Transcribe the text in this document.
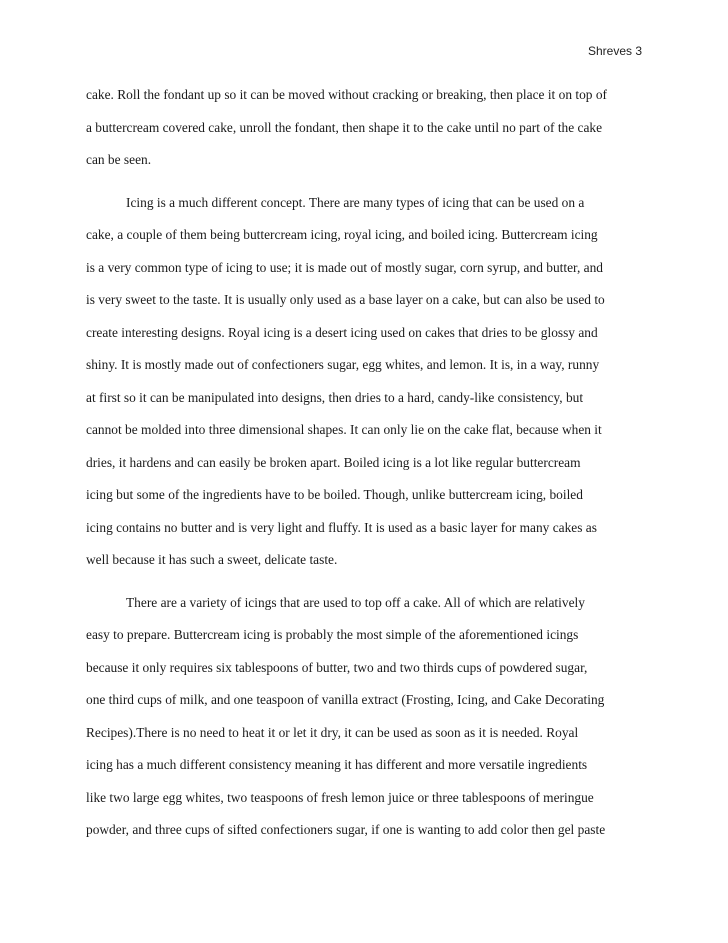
Shreves 3
cake. Roll the fondant up so it can be moved without cracking or breaking, then place it on top of
a buttercream covered cake, unroll the fondant, then shape it to the cake until no part of the cake
can be seen.
Icing is a much different concept. There are many types of icing that can be used on a
cake, a couple of them being buttercream icing, royal icing, and boiled icing. Buttercream icing
is a very common type of icing to use; it is made out of mostly sugar, corn syrup, and butter, and
is very sweet to the taste. It is usually only used as a base layer on a cake, but can also be used to
create interesting designs. Royal icing is a desert icing used on cakes that dries to be glossy and
shiny. It is mostly made out of confectioners sugar, egg whites, and lemon. It is, in a way, runny
at first so it can be manipulated into designs, then dries to a hard, candy-like consistency, but
cannot be molded into three dimensional shapes. It can only lie on the cake flat, because when it
dries, it hardens and can easily be broken apart. Boiled icing is a lot like regular buttercream
icing but some of the ingredients have to be boiled. Though, unlike buttercream icing, boiled
icing contains no butter and is very light and fluffy. It is used as a basic layer for many cakes as
well because it has such a sweet, delicate taste.
There are a variety of icings that are used to top off a cake. All of which are relatively
easy to prepare. Buttercream icing is probably the most simple of the aforementioned icings
because it only requires six tablespoons of butter, two and two thirds cups of powdered sugar,
one third cups of milk, and one teaspoon of vanilla extract (Frosting, Icing, and Cake Decorating
Recipes).There is no need to heat it or let it dry, it can be used as soon as it is needed. Royal
icing has a much different consistency meaning it has different and more versatile ingredients
like two large egg whites, two teaspoons of fresh lemon juice or three tablespoons of meringue
powder, and three cups of sifted confectioners sugar, if one is wanting to add color then gel paste
